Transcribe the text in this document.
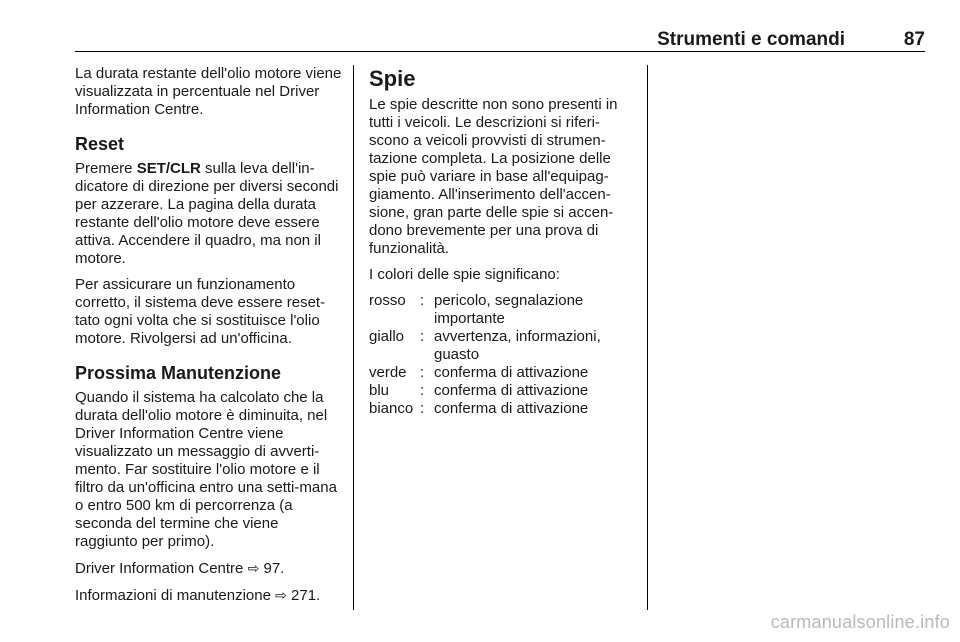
Strumenti e comandi	87

La durata restante dell'olio motore viene visualizzata in percentuale nel Driver Information Centre.

Reset

Premere SET/CLR sulla leva dell'in-dicatore di direzione per diversi secondi per azzerare. La pagina della durata restante dell'olio motore deve essere attiva. Accendere il quadro, ma non il motore.

Per assicurare un funzionamento corretto, il sistema deve essere reset-tato ogni volta che si sostituisce l'olio motore. Rivolgersi ad un'officina.

Prossima Manutenzione

Quando il sistema ha calcolato che la durata dell'olio motore è diminuita, nel Driver Information Centre viene visualizzato un messaggio di avverti-mento. Far sostituire l'olio motore e il filtro da un'officina entro una setti-mana o entro 500 km di percorrenza (a seconda del termine che viene raggiunto per primo).

Driver Information Centre ⇨ 97.

Informazioni di manutenzione ⇨ 271.

Spie

Le spie descritte non sono presenti in tutti i veicoli. Le descrizioni si riferi-scono a veicoli provvisti di strumen-tazione completa. La posizione delle spie può variare in base all'equipag-giamento. All'inserimento dell'accen-sione, gran parte delle spie si accen-dono brevemente per una prova di funzionalità.

I colori delle spie significano:

rosso	:	pericolo, segnalazione importante
giallo	:	avvertenza, informazioni, guasto
verde	:	conferma di attivazione
blu	:	conferma di attivazione
bianco	:	conferma di attivazione
carmanualsonline.info
